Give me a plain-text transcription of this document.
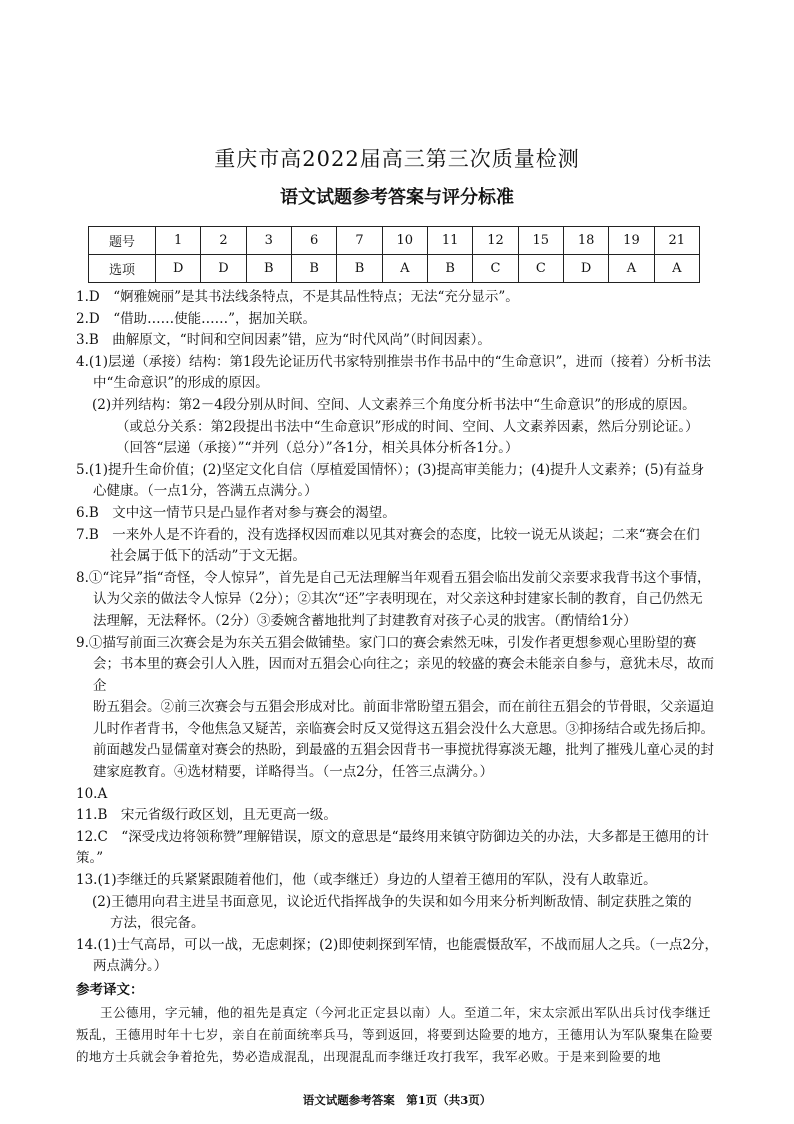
重庆市高2022届高三第三次质量检测
语文试题参考答案与评分标准
题号	1	2	3	6	7	10	11	12	15	18	19	21
选项	D	D	B	B	B	A	B	C	C	D	A	A
1.D　“婀雅婉丽”是其书法线条特点，不是其品性特点；无法“充分显示”。
2.D　“借助……使能……”，据加关联。
3.B　曲解原文，“时间和空间因素”错，应为“时代风尚”（时间因素）。
4.(1)层递（承接）结构：第1段先论证历代书家特别推崇书作书品中的“生命意识”，进而（接着）分析书法
中“生命意识”的形成的原因。
(2)并列结构：第2－4段分别从时间、空间、人文素养三个角度分析书法中“生命意识”的形成的原因。
（或总分关系：第2段提出书法中“生命意识”形成的时间、空间、人文素养因素，然后分别论证。）
（回答“层递（承接）”“并列（总分）”各1分，相关具体分析各1分。）
5.(1)提升生命价值；(2)坚定文化自信（厚植爱国情怀）；(3)提高审美能力；(4)提升人文素养；(5)有益身
心健康。（一点1分，答满五点满分。）
6.B　文中这一情节只是凸显作者对参与赛会的渴望。
7.B　一来外人是不许看的，没有选择权因而难以见其对赛会的态度，比较一说无从谈起；二来“赛会在们
社会属于低下的活动”于文无据。
8.①“诧异”指“奇怪，令人惊异”，首先是自己无法理解当年观看五猖会临出发前父亲要求我背书这个事情，
认为父亲的做法令人惊异（2分）；②其次“还”字表明现在，对父亲这种封建家长制的教育，自己仍然无
法理解，无法释怀。（2分）③委婉含蓄地批判了封建教育对孩子心灵的戕害。（酌情给1分）
9.①描写前面三次赛会是为东关五猖会做铺垫。家门口的赛会索然无味，引发作者更想参观心里盼望的赛
会；书本里的赛会引人入胜，因而对五猖会心向往之；亲见的较盛的赛会未能亲自参与，意犹未尽，故而企
盼五猖会。②前三次赛会与五猖会形成对比。前面非常盼望五猖会，而在前往五猖会的节骨眼，父亲逼迫
儿时作者背书，令他焦急又疑苦，亲临赛会时反又觉得这五猖会没什么大意思。③抑扬结合或先扬后抑。
前面越发凸显儒童对赛会的热盼，到最盛的五猖会因背书一事搅扰得寡淡无趣，批判了摧残儿童心灵的封
建家庭教育。④选材精要，详略得当。（一点2分，任答三点满分。）
10.A
11.B　宋元省级行政区划，且无更高一级。
12.C　“深受戌边将领称赞”理解错误，原文的意思是“最终用来镇守防御边关的办法，大多都是王德用的计策。”
13.(1)李继迁的兵紧紧跟随着他们，他（或李继迁）身边的人望着王德用的军队，没有人敢靠近。
(2)王德用向君主进呈书面意见，议论近代指挥战争的失误和如今用来分析判断敌情、制定获胜之策的
方法，很完备。
14.(1)士气高昂，可以一战，无虑刺探；(2)即使刺探到军情，也能震慑敌军，不战而屈人之兵。（一点2分，
两点满分。）
参考译文：
王公德用，字元辅，他的祖先是真定（今河北正定县以南）人。至道二年，宋太宗派出军队出兵讨伐李继迁叛乱，王德用时年十七岁，亲自在前面统率兵马，等到返回，将要到达险要的地方，王德用认为军队聚集在险要的地方士兵就会争着抢先，势必造成混乱，出现混乱而李继迁攻打我军，我军必败。于是来到险要的地
语文试题参考答案　第1页（共3页）
